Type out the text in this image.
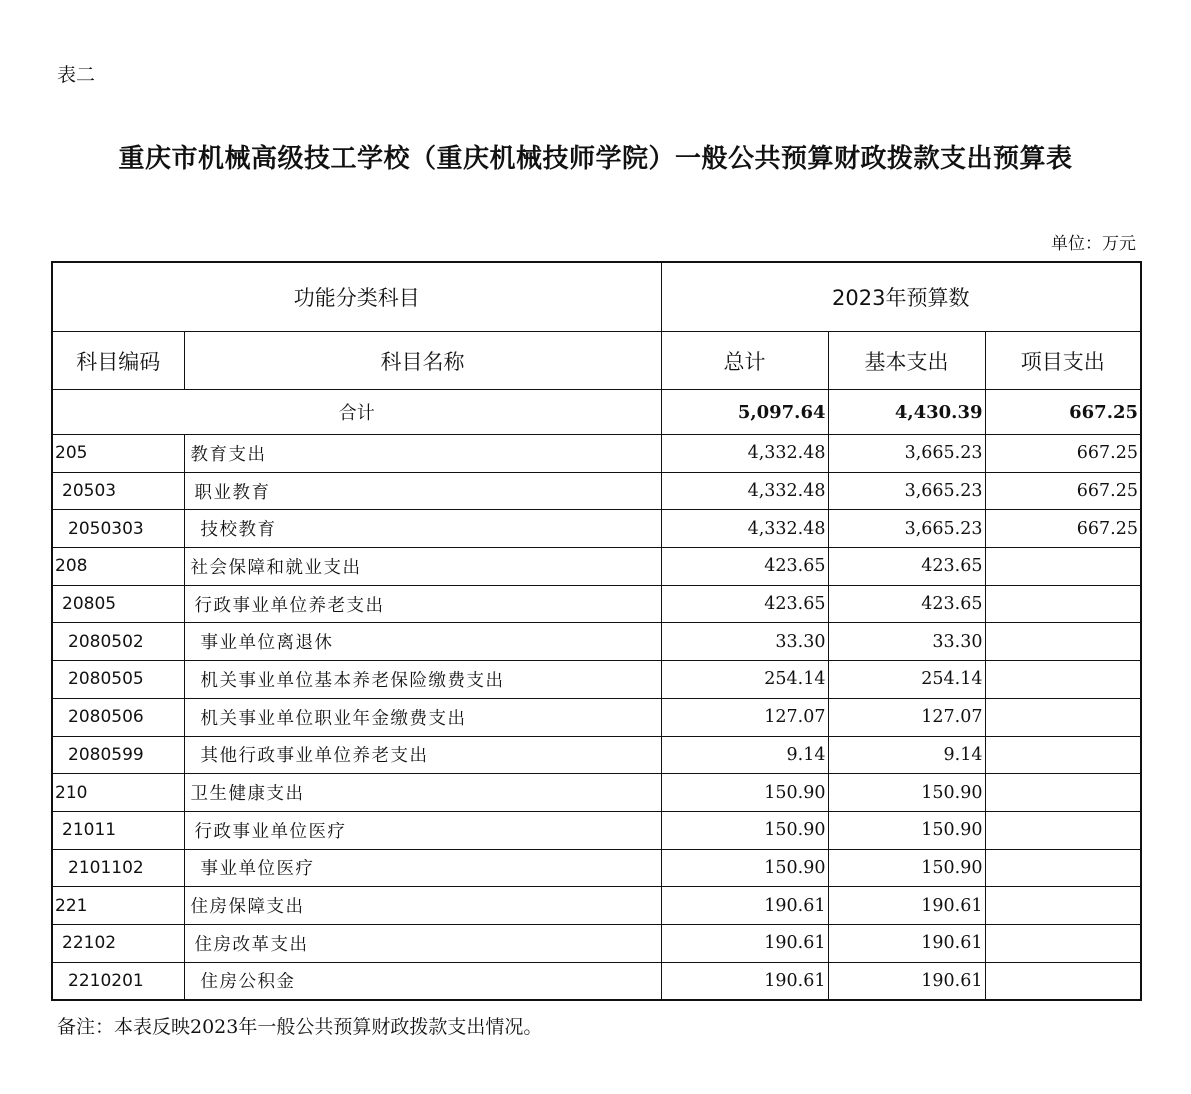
表二
重庆市机械高级技工学校（重庆机械技师学院）一般公共预算财政拨款支出预算表
单位：万元
功能分类科目		2023年预算数		
科目编码	科目名称	总计	基本支出	项目支出
合计		5,097.64	4,430.39	667.25
205	教育支出	4,332.48	3,665.23	667.25
20503	职业教育	4,332.48	3,665.23	667.25
2050303	技校教育	4,332.48	3,665.23	667.25
208	社会保障和就业支出	423.65	423.65	
20805	行政事业单位养老支出	423.65	423.65	
2080502	事业单位离退休	33.30	33.30	
2080505	机关事业单位基本养老保险缴费支出	254.14	254.14	
2080506	机关事业单位职业年金缴费支出	127.07	127.07	
2080599	其他行政事业单位养老支出	9.14	9.14	
210	卫生健康支出	150.90	150.90	
21011	行政事业单位医疗	150.90	150.90	
2101102	事业单位医疗	150.90	150.90	
221	住房保障支出	190.61	190.61	
22102	住房改革支出	190.61	190.61	
2210201	住房公积金	190.61	190.61	
备注：本表反映2023年一般公共预算财政拨款支出情况。
